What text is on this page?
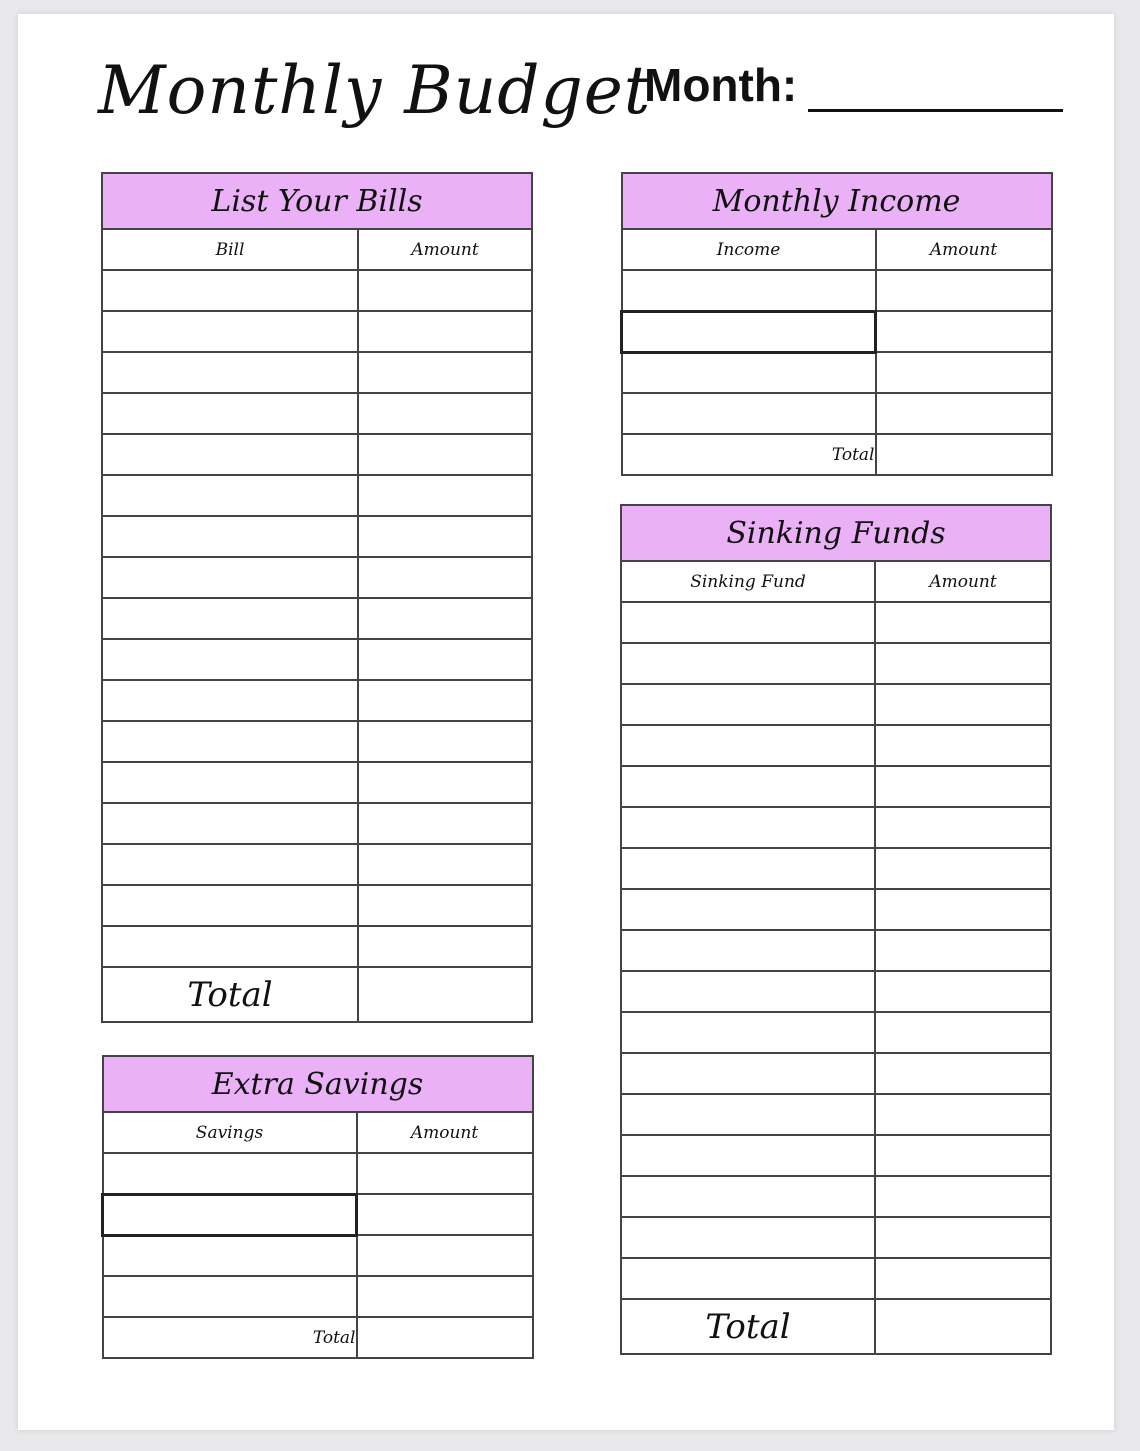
Monthly Budget
Month:
List Your Bills	
Bill	Amount

Total	
Extra Savings	
Savings	Amount

Total	
Monthly Income	
Income	Amount

Total	
Sinking Funds	
Sinking Fund	Amount

Total	
